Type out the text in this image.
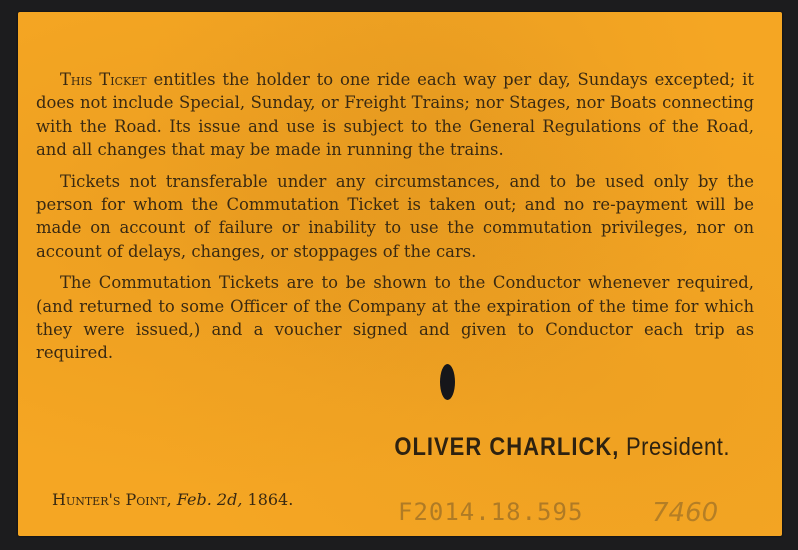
This Ticket entitles the holder to one ride each way per day, Sundays excepted; it does not include Special, Sunday, or Freight Trains; nor Stages, nor Boats connecting with the Road. Its issue and use is subject to the General Regulations of the Road, and all changes that may be made in running the trains.

Tickets not transferable under any circumstances, and to be used only by the person for whom the Commutation Ticket is taken out; and no re-payment will be made on account of failure or inability to use the commutation privileges, nor on account of delays, changes, or stoppages of the cars.

The Commutation Tickets are to be shown to the Conductor whenever required, (and returned to some Officer of the Company at the expiration of the time for which they were issued,) and a voucher signed and given to Conductor each trip as required.

OLIVER CHARLICK, President.
Hunter's Point, Feb. 2d, 1864.	F2014.18.595	7460
